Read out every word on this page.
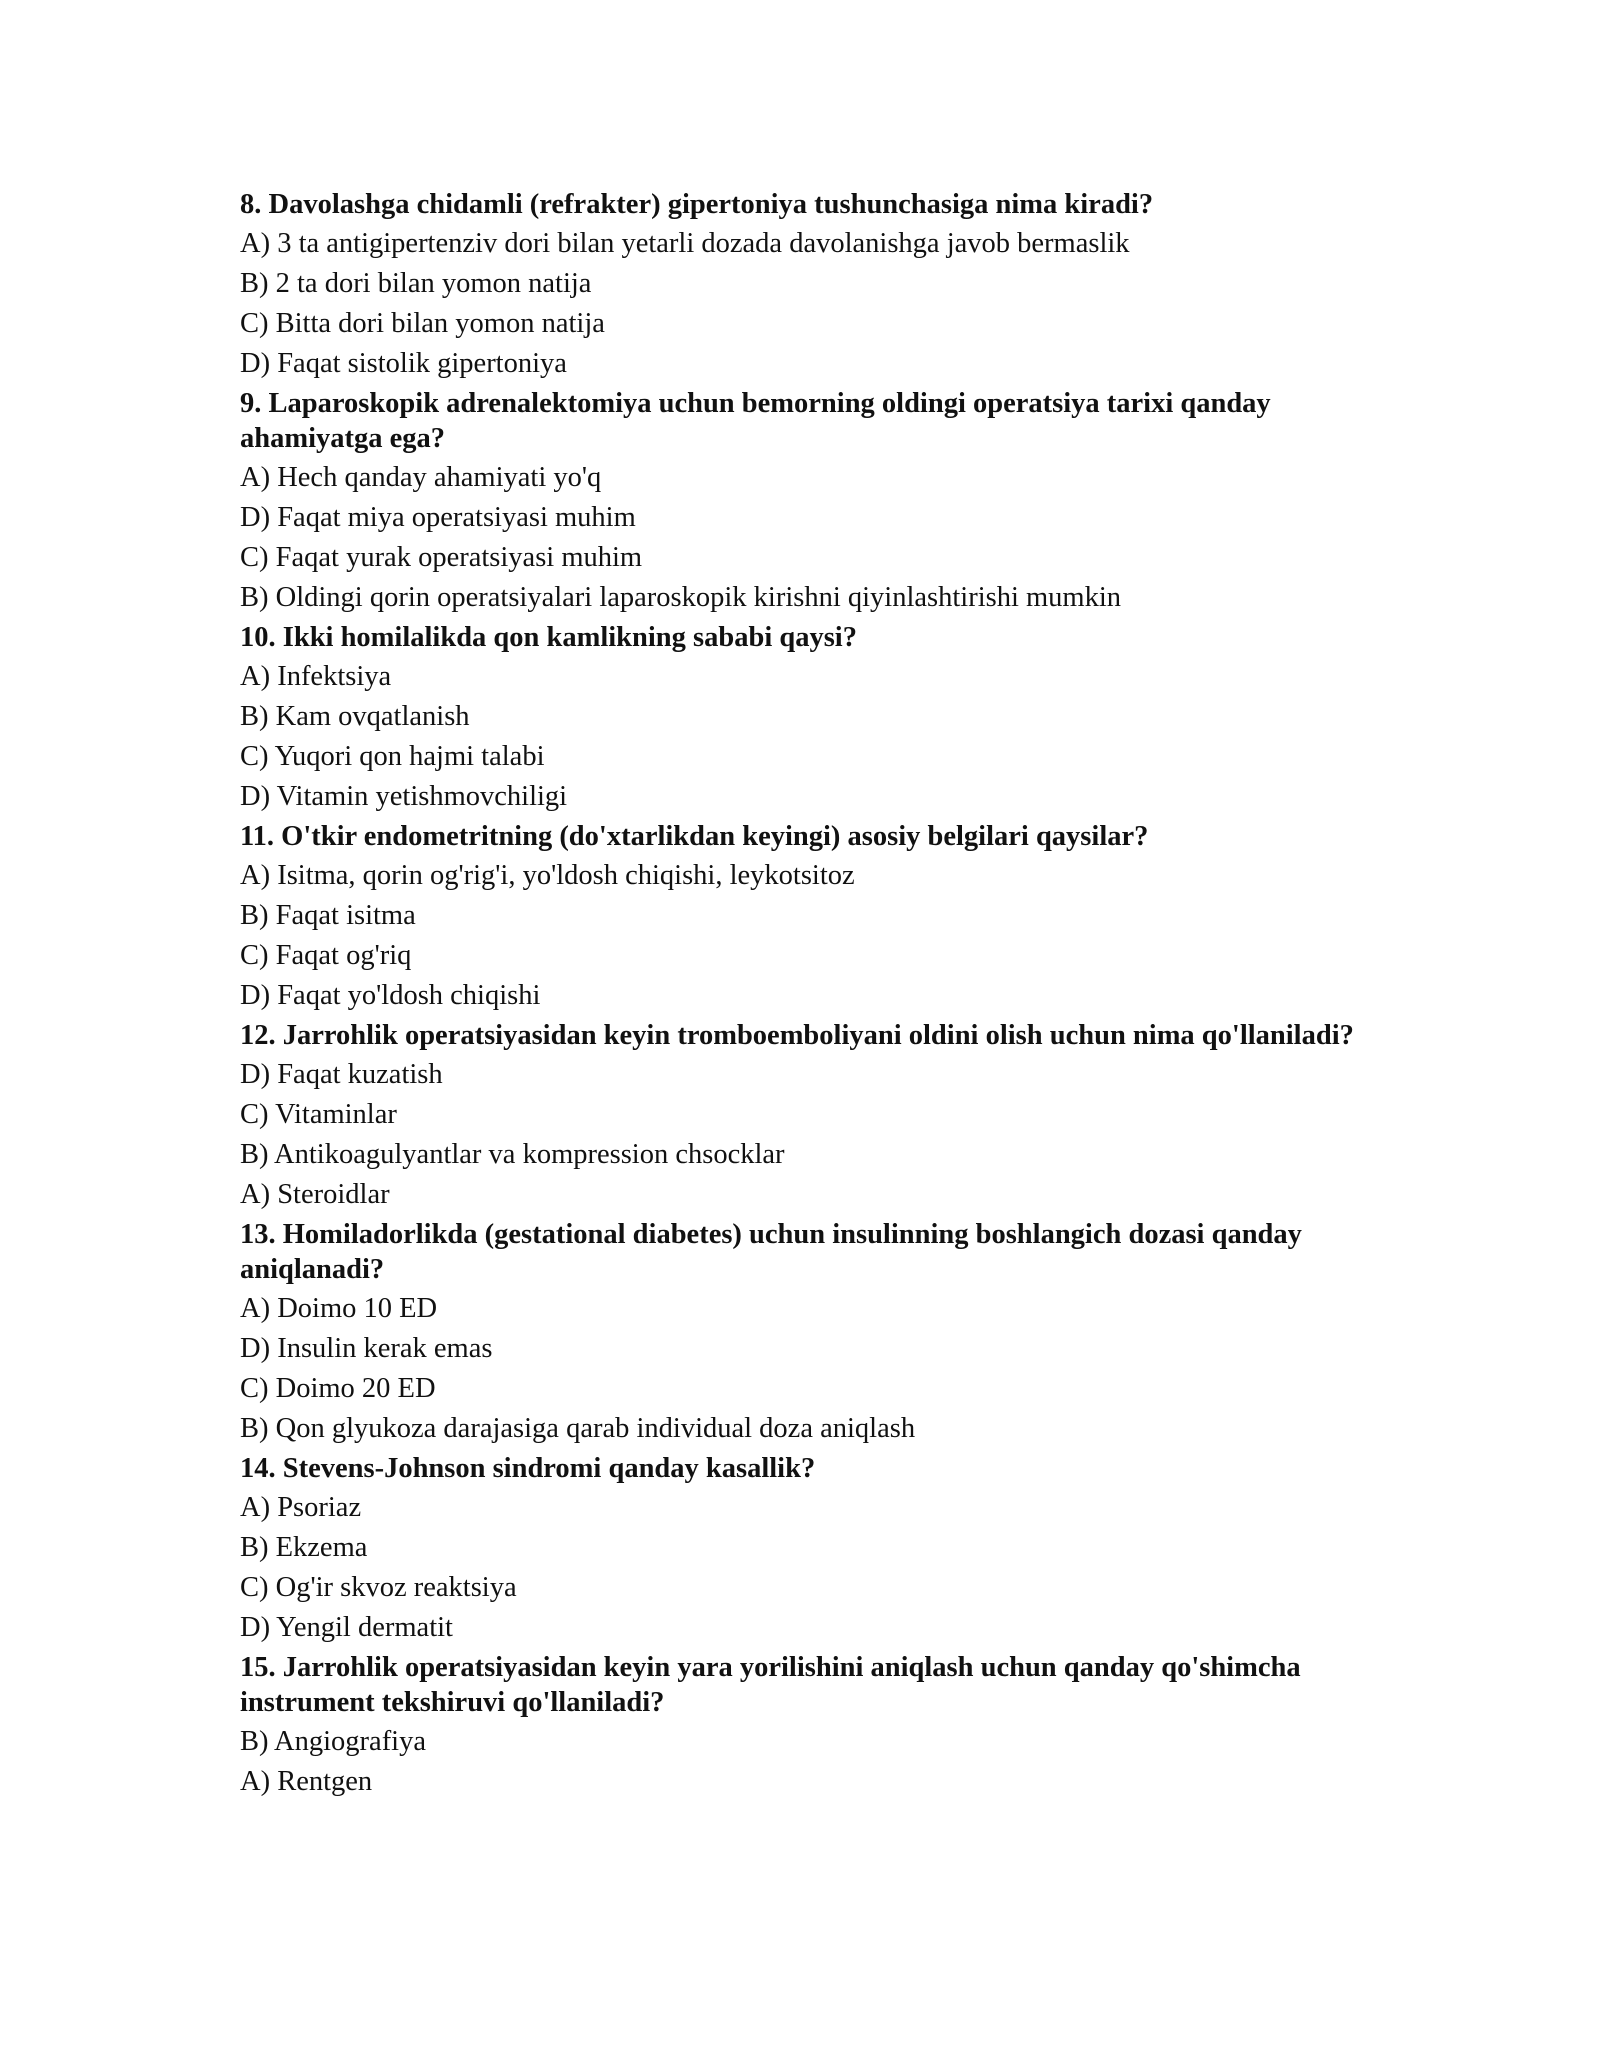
8. Davolashga chidamli (refrakter) gipertoniya tushunchasiga nima kiradi?
A) 3 ta antigipertenziv dori bilan yetarli dozada davolanishga javob bermaslik
B) 2 ta dori bilan yomon natija
C) Bitta dori bilan yomon natija
D) Faqat sistolik gipertoniya
9. Laparoskopik adrenalektomiya uchun bemorning oldingi operatsiya tarixi qanday ahamiyatga ega?
A) Hech qanday ahamiyati yo'q
D) Faqat miya operatsiyasi muhim
C) Faqat yurak operatsiyasi muhim
B) Oldingi qorin operatsiyalari laparoskopik kirishni qiyinlashtirishi mumkin
10. Ikki homilalikda qon kamlikning sababi qaysi?
A) Infektsiya
B) Kam ovqatlanish
C) Yuqori qon hajmi talabi
D) Vitamin yetishmovchiligi
11. O'tkir endometritning (do'xtarlikdan keyingi) asosiy belgilari qaysilar?
A) Isitma, qorin og'rig'i, yo'ldosh chiqishi, leykotsitoz
B) Faqat isitma
C) Faqat og'riq
D) Faqat yo'ldosh chiqishi
12. Jarrohlik operatsiyasidan keyin tromboemboliyani oldini olish uchun nima qo'llaniladi?
D) Faqat kuzatish
C) Vitaminlar
B) Antikoagulyantlar va kompression chsocklar
A) Steroidlar
13. Homiladorlikda (gestational diabetes) uchun insulinning boshlangich dozasi qanday aniqlanadi?
A) Doimo 10 ED
D) Insulin kerak emas
C) Doimo 20 ED
B) Qon glyukoza darajasiga qarab individual doza aniqlash
14. Stevens-Johnson sindromi qanday kasallik?
A) Psoriaz
B) Ekzema
C) Og'ir skvoz reaktsiya
D) Yengil dermatit
15. Jarrohlik operatsiyasidan keyin yara yorilishini aniqlash uchun qanday qo'shimcha instrument tekshiruvi qo'llaniladi?
B) Angiografiya
A) Rentgen
